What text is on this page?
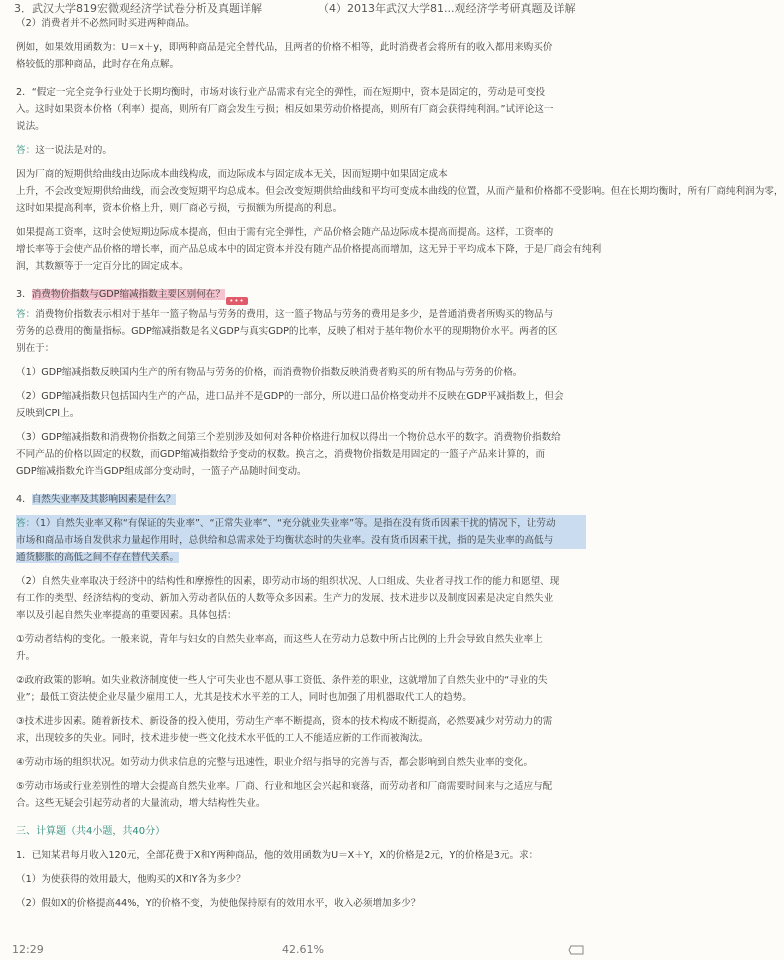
3．武汉大学819宏微观经济学试卷分析及真题详解	（4）2013年武汉大学81...观经济学考研真题及详解

（2）消费者并不必然同时买进两种商品。

例如，如果效用函数为：U＝x＋y，即两种商品是完全替代品，且两者的价格不相等，此时消费者会将所有的收入都用来购买价

格较低的那种商品，此时存在角点解。

2．“假定一完全竞争行业处于长期均衡时，市场对该行业产品需求有完全的弹性，而在短期中，资本是固定的，劳动是可变投

入。这时如果资本价格（利率）提高，则所有厂商会发生亏损；相反如果劳动价格提高，则所有厂商会获得纯利润。”试评论这一

说法。

答：这一说法是对的。

因为厂商的短期供给曲线由边际成本曲线构成，而边际成本与固定成本无关，因而短期中如果固定成本

上升，不会改变短期供给曲线，而会改变短期平均总成本。但会改变短期供给曲线和平均可变成本曲线的位置，从而产量和价格都不受影响。但在长期均衡时，所有厂商纯利润为零，

这时如果提高利率，资本价格上升，则厂商必亏损，亏损额为所提高的利息。

如果提高工资率，这时会使短期边际成本提高，但由于需有完全弹性，产品价格会随产品边际成本提高而提高。这样，工资率的

增长率等于会使产品价格的增长率，而产品总成本中的固定资本并没有随产品价格提高而增加，这无异于平均成本下降，于是厂商会有纯利

润，其数额等于一定百分比的固定成本。

3．消费物价指数与GDP缩减指数主要区别何在？

•••

答：消费物价指数表示相对于基年一篮子物品与劳务的费用，这一篮子物品与劳务的费用是多少，是普通消费者所购买的物品与

劳务的总费用的衡量指标。GDP缩减指数是名义GDP与真实GDP的比率，反映了相对于基年物价水平的现期物价水平。两者的区

别在于：

（1）GDP缩减指数反映国内生产的所有物品与劳务的价格，而消费物价指数反映消费者购买的所有物品与劳务的价格。

（2）GDP缩减指数只包括国内生产的产品，进口品并不是GDP的一部分，所以进口品价格变动并不反映在GDP平减指数上，但会

反映到CPI上。

（3）GDP缩减指数和消费物价指数之间第三个差别涉及如何对各种价格进行加权以得出一个物价总水平的数字。消费物价指数给

不同产品的价格以固定的权数，而GDP缩减指数给予变动的权数。换言之，消费物价指数是用固定的一篮子产品来计算的，而

GDP缩减指数允许当GDP组成部分变动时，一篮子产品随时间变动。

4．自然失业率及其影响因素是什么？

答：（1）自然失业率又称“有保证的失业率”、“正常失业率”、“充分就业失业率”等。是指在没有货币因素干扰的情况下，让劳动

市场和商品市场自发供求力量起作用时，总供给和总需求处于均衡状态时的失业率。没有货币因素干扰，指的是失业率的高低与

通货膨胀的高低之间不存在替代关系。

（2）自然失业率取决于经济中的结构性和摩擦性的因素，即劳动市场的组织状况、人口组成、失业者寻找工作的能力和愿望、现

有工作的类型、经济结构的变动、新加入劳动者队伍的人数等众多因素。生产力的发展、技术进步以及制度因素是决定自然失业

率以及引起自然失业率提高的重要因素。具体包括：

①劳动者结构的变化。一般来说，青年与妇女的自然失业率高，而这些人在劳动力总数中所占比例的上升会导致自然失业率上

升。

②政府政策的影响。如失业救济制度使一些人宁可失业也不愿从事工资低、条件差的职业，这就增加了自然失业中的“寻业的失

业”；最低工资法使企业尽量少雇用工人，尤其是技术水平差的工人，同时也加强了用机器取代工人的趋势。

③技术进步因素。随着新技术、新设备的投入使用，劳动生产率不断提高，资本的技术构成不断提高，必然要减少对劳动力的需

求，出现较多的失业。同时，技术进步使一些文化技术水平低的工人不能适应新的工作而被淘汰。

④劳动市场的组织状况。如劳动力供求信息的完整与迅速性，职业介绍与指导的完善与否，都会影响到自然失业率的变化。

⑤劳动市场或行业差别性的增大会提高自然失业率。厂商、行业和地区会兴起和衰落，而劳动者和厂商需要时间来与之适应与配

合。这些无疑会引起劳动者的大量流动，增大结构性失业。

三、计算题（共4小题，共40分）

1．已知某君每月收入120元，全部花费于X和Y两种商品，他的效用函数为U＝X＋Y，X的价格是2元，Y的价格是3元。求：

（1）为使获得的效用最大，他购买的X和Y各为多少？

（2）假如X的价格提高44%，Y的价格不变，为使他保持原有的效用水平，收入必须增加多少？

12:29	42.61%
